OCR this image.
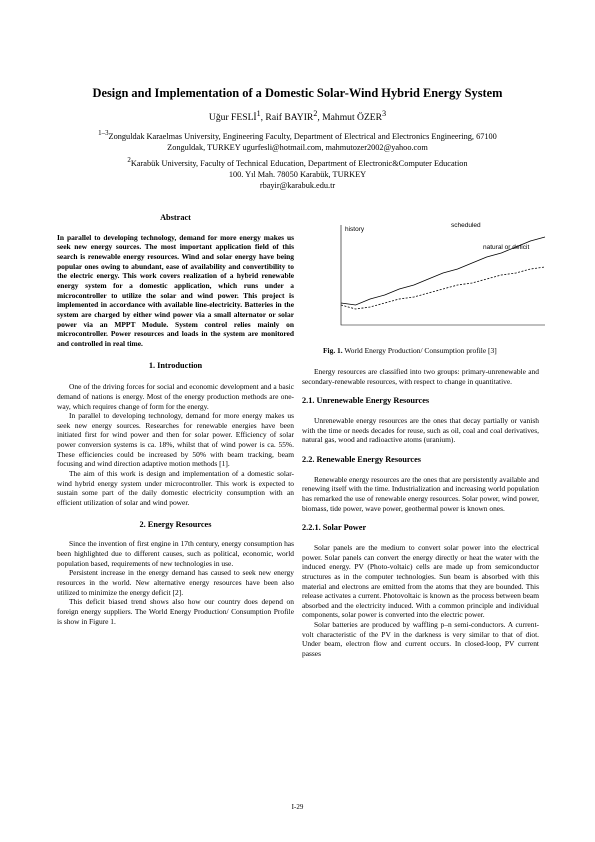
Design and Implementation of a Domestic Solar-Wind Hybrid Energy System
Uğur FESLİ$^1$, Raif BAYIR$^2$, Mahmut ÖZER$^3$
$^{1-3}$Zonguldak Karaelmas University, Engineering Faculty, Department of Electrical and Electronics Engineering, 67100
Zonguldak, TURKEY ugurfesli@hotmail.com, mahmutozer2002@yahoo.com
$^2$Karabük University, Faculty of Technical Education, Department of Electronic&Computer Education
100. Yıl Mah. 78050 Karabük, TURKEY
rbayir@karabuk.edu.tr

Abstract

In parallel to developing technology, demand for more energy makes us seek new energy sources. The most important application field of this search is renewable energy resources. Wind and solar energy have being popular ones owing to abundant, ease of availability and convertibility to the electric energy. This work covers realization of a hybrid renewable energy system for a domestic application, which runs under a microcontroller to utilize the solar and wind power. This project is implemented in accordance with available line-electricity. Batteries in the system are charged by either wind power via a small alternator or solar power via an MPPT Module. System control relies mainly on microcontroller. Power resources and loads in the system are monitored and controlled in real time.

1. Introduction

One of the driving forces for social and economic development and a basic demand of nations is energy. Most of the energy production methods are one-way, which requires change of form for the energy.

In parallel to developing technology, demand for more energy makes us seek new energy sources. Researches for renewable energies have been initiated first for wind power and then for solar power. Efficiency of solar power conversion systems is ca. 18%, whilst that of wind power is ca. 55%. These efficiencies could be increased by 50% with beam tracking, beam focusing and wind direction adaptive motion methods [1].

The aim of this work is design and implementation of a domestic solar-wind hybrid energy system under microcontroller. This work is expected to sustain some part of the daily domestic electricity consumption with an efficient utilization of solar and wind power.

2. Energy Resources

Since the invention of first engine in 17th century, energy consumption has been highlighted due to different causes, such as political, economic, world population based, requirements of new technologies in use.

Persistent increase in the energy demand has caused to seek new energy resources in the world. New alternative energy resources have been also utilized to minimize the energy deficit [2].

This deficit biased trend shows also how our country does depend on foreign energy suppliers. The World Energy Production/ Consumption Profile is show in Figure 1.

history
scheduled
natural or deficit
Fig. 1. World Energy Production/ Consumption profile [3]

Energy resources are classified into two groups: primary-unrenewable and secondary-renewable resources, with respect to change in quantitative.

2.1. Unrenewable Energy Resources

Unrenewable energy resources are the ones that decay partially or vanish with the time or needs decades for reuse, such as oil, coal and coal derivatives, natural gas, wood and radioactive atoms (uranium).

2.2. Renewable Energy Resources

Renewable energy resources are the ones that are persistently available and renewing itself with the time. Industrialization and increasing world population has remarked the use of renewable energy resources. Solar power, wind power, biomass, tide power, wave power, geothermal power is known ones.

2.2.1. Solar Power

Solar panels are the medium to convert solar power into the electrical power. Solar panels can convert the energy directly or heat the water with the induced energy. PV (Photo-voltaic) cells are made up from semiconductor structures as in the computer technologies. Sun beam is absorbed with this material and electrons are emitted from the atoms that they are bounded. This release activates a current. Photovoltaic is known as the process between beam absorbed and the electricity induced. With a common principle and individual components, solar power is converted into the electric power.

Solar batteries are produced by waffling p–n semi-conductors. A current-volt characteristic of the PV in the darkness is very similar to that of diot. Under beam, electron flow and current occurs. In closed-loop, PV current passes

I-29
